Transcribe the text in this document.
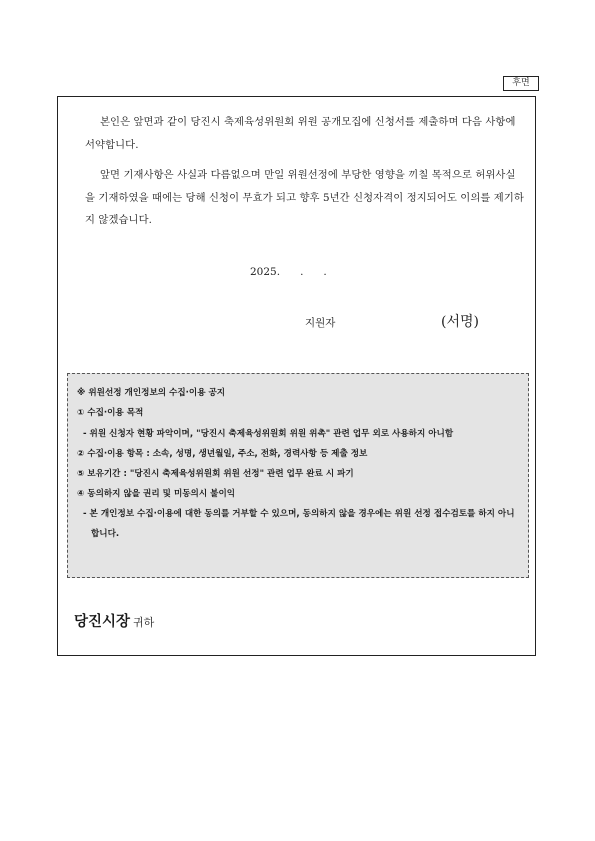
후면

본인은 앞면과 같이 당진시 축제육성위원회 위원 공개모집에 신청서를 제출하며 다음 사항에 서약합니다.

앞면 기재사항은 사실과 다름없으며 만일 위원선정에 부당한 영향을 끼칠 목적으로 허위사실을 기재하였을 때에는 당해 신청이 무효가 되고 향후 5년간 신청자격이 정지되어도 이의를 제기하지 않겠습니다.

2025. . .
지원자	(서명)
※ 위원선정 개인정보의 수집·이용 공지
① 수집·이용 목적
- 위원 신청자 현황 파악이며, "당진시 축제육성위원회 위원 위촉" 관련 업무 외로 사용하지 아니함
② 수집·이용 항목 : 소속, 성명, 생년월일, 주소, 전화, 경력사항 등 제출 정보
⑤ 보유기간 : "당진시 축제육성위원회 위원 선정" 관련 업무 완료 시 파기
④ 동의하지 않을 권리 및 미동의시 불이익
- 본 개인정보 수집·이용에 대한 동의를 거부할 수 있으며, 동의하지 않을 경우에는 위원 선정 접수검토를 하지 아니합니다.
당진시장 귀하
